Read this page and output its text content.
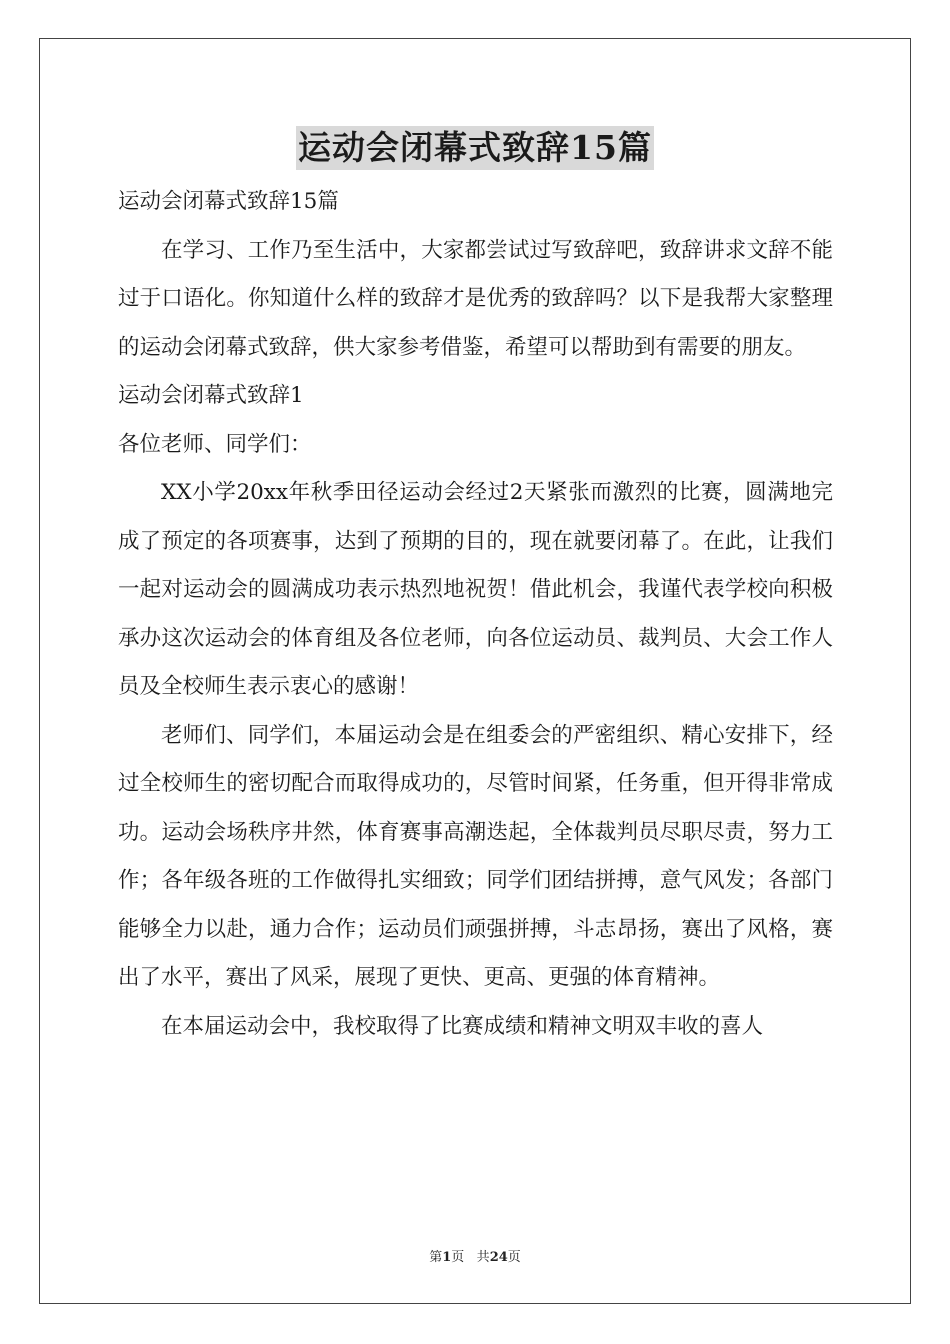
运动会闭幕式致辞15篇

运动会闭幕式致辞15篇

在学习、工作乃至生活中，大家都尝试过写致辞吧，致辞讲求文辞不能过于口语化。你知道什么样的致辞才是优秀的致辞吗？以下是我帮大家整理的运动会闭幕式致辞，供大家参考借鉴，希望可以帮助到有需要的朋友。

运动会闭幕式致辞1

各位老师、同学们：

XX小学20xx年秋季田径运动会经过2天紧张而激烈的比赛，圆满地完成了预定的各项赛事，达到了预期的目的，现在就要闭幕了。在此，让我们一起对运动会的圆满成功表示热烈地祝贺！借此机会，我谨代表学校向积极承办这次运动会的体育组及各位老师，向各位运动员、裁判员、大会工作人员及全校师生表示衷心的感谢！

老师们、同学们，本届运动会是在组委会的严密组织、精心安排下，经过全校师生的密切配合而取得成功的，尽管时间紧，任务重，但开得非常成功。运动会场秩序井然，体育赛事高潮迭起，全体裁判员尽职尽责，努力工作；各年级各班的工作做得扎实细致；同学们团结拼搏，意气风发；各部门能够全力以赴，通力合作；运动员们顽强拼搏，斗志昂扬，赛出了风格，赛出了水平，赛出了风采，展现了更快、更高、更强的体育精神。

在本届运动会中，我校取得了比赛成绩和精神文明双丰收的喜人

第1页 共24页
